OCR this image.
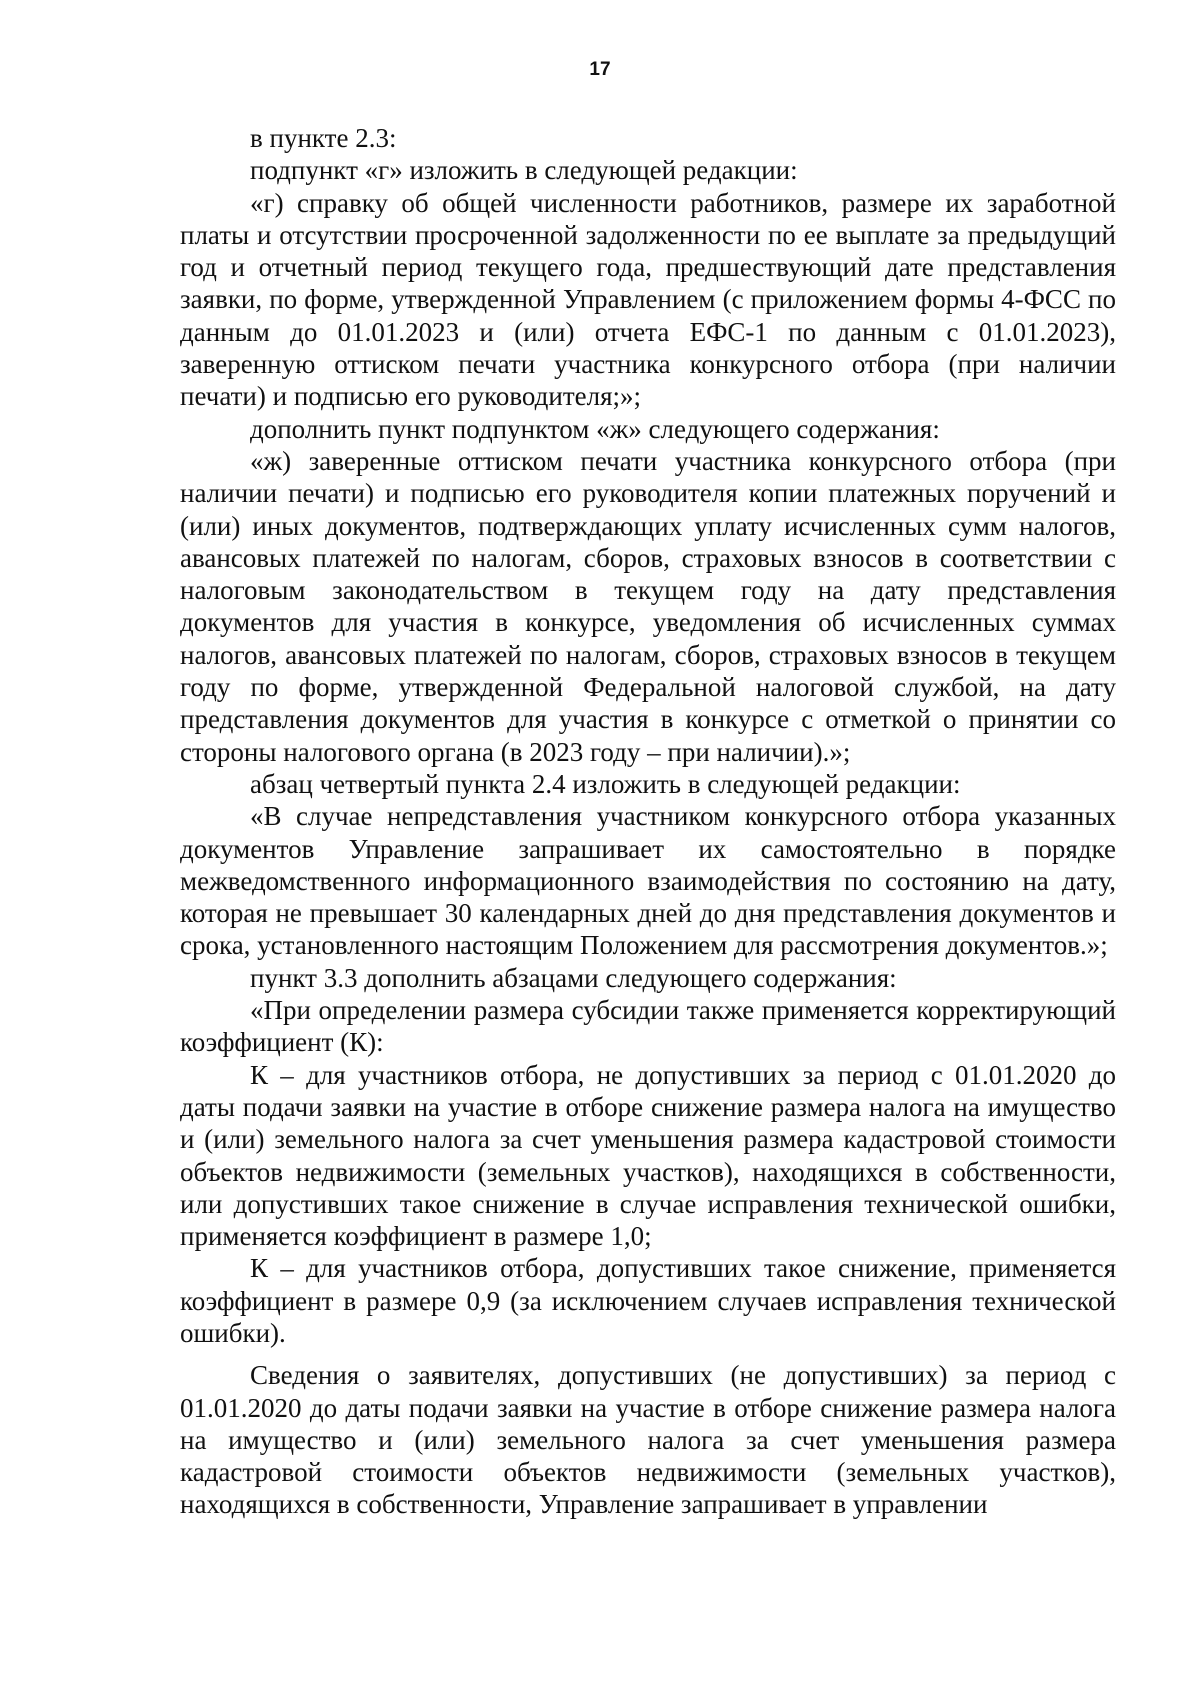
17

в пункте 2.3:

подпункт «г» изложить в следующей редакции:

«г) справку об общей численности работников, размере их заработной платы и отсутствии просроченной задолженности по ее выплате за предыдущий год и отчетный период текущего года, предшествующий дате представления заявки, по форме, утвержденной Управлением (с приложением формы 4-ФСС по данным до 01.01.2023 и (или) отчета ЕФС-1 по данным с 01.01.2023), заверенную оттиском печати участника конкурсного отбора (при наличии печати) и подписью его руководителя;»;

дополнить пункт подпунктом «ж» следующего содержания:

«ж) заверенные оттиском печати участника конкурсного отбора (при наличии печати) и подписью его руководителя копии платежных поручений и (или) иных документов, подтверждающих уплату исчисленных сумм налогов, авансовых платежей по налогам, сборов, страховых взносов в соответствии с налоговым законодательством в текущем году на дату представления документов для участия в конкурсе, уведомления об исчисленных суммах налогов, авансовых платежей по налогам, сборов, страховых взносов в текущем году по форме, утвержденной Федеральной налоговой службой, на дату представления документов для участия в конкурсе с отметкой о принятии со стороны налогового органа (в 2023 году – при наличии).»;

абзац четвертый пункта 2.4 изложить в следующей редакции:

«В случае непредставления участником конкурсного отбора указанных документов Управление запрашивает их самостоятельно в порядке межведомственного информационного взаимодействия по состоянию на дату, которая не превышает 30 календарных дней до дня представления документов и срока, установленного настоящим Положением для рассмотрения документов.»;

пункт 3.3 дополнить абзацами следующего содержания:

«При определении размера субсидии также применяется корректирующий коэффициент (К):

К – для участников отбора, не допустивших за период с 01.01.2020 до даты подачи заявки на участие в отборе снижение размера налога на имущество и (или) земельного налога за счет уменьшения размера кадастровой стоимости объектов недвижимости (земельных участков), находящихся в собственности, или допустивших такое снижение в случае исправления технической ошибки, применяется коэффициент в размере 1,0;

К – для участников отбора, допустивших такое снижение, применяется коэффициент в размере 0,9 (за исключением случаев исправления технической ошибки).

Сведения о заявителях, допустивших (не допустивших) за период с 01.01.2020 до даты подачи заявки на участие в отборе снижение размера налога на имущество и (или) земельного налога за счет уменьшения размера кадастровой стоимости объектов недвижимости (земельных участков), находящихся в собственности, Управление запрашивает в управлении
